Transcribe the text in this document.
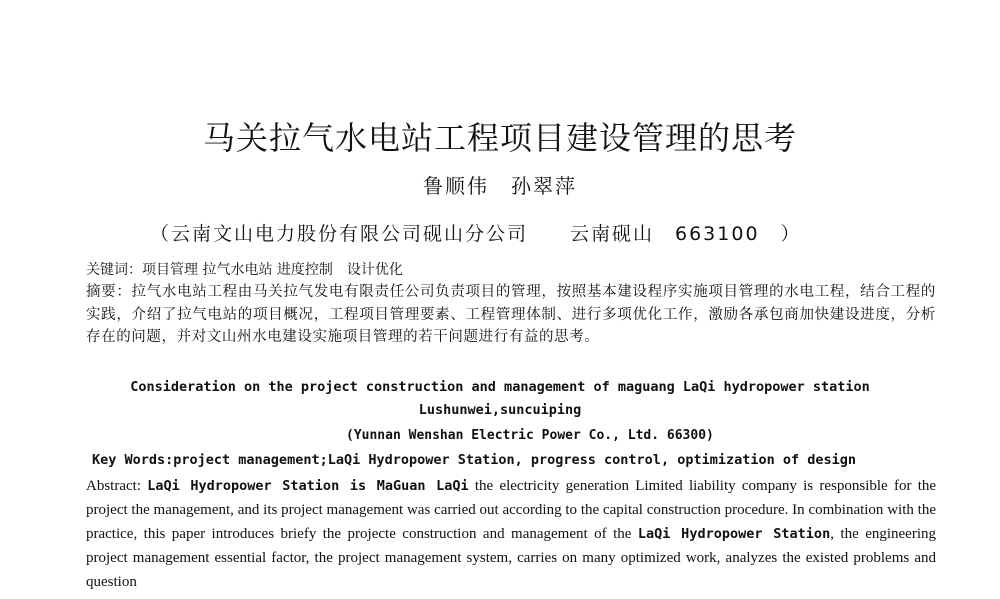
马关拉气水电站工程项目建设管理的思考
鲁顺伟　孙翠萍
（云南文山电力股份有限公司砚山分公司　　云南砚山　663100　）
关键词：项目管理 拉气水电站 进度控制　设计优化
摘要：拉气水电站工程由马关拉气发电有限责任公司负责项目的管理，按照基本建设程序实施项目管理的水电工程，结合工程的实践，介绍了拉气电站的项目概况，工程项目管理要素、工程管理体制、进行多项优化工作，激励各承包商加快建设进度，分析存在的问题，并对文山州水电建设实施项目管理的若干问题进行有益的思考。
Consideration on the project construction and management of maguang LaQi hydropower station
Lushunwei,suncuiping
(Yunnan Wenshan Electric Power Co., Ltd. 66300)
Key Words:project management;LaQi Hydropower Station, progress control, optimization of design
Abstract: LaQi Hydropower Station is MaGuan LaQi the electricity generation Limited liability company is responsible for the project the management, and its project management was carried out according to the capital construction procedure. In combination with the practice, this paper introduces briefy the projecte construction and management of the LaQi Hydropower Station, the engineering project management essential factor, the project management system, carries on many optimized work, analyzes the existed problems and question
